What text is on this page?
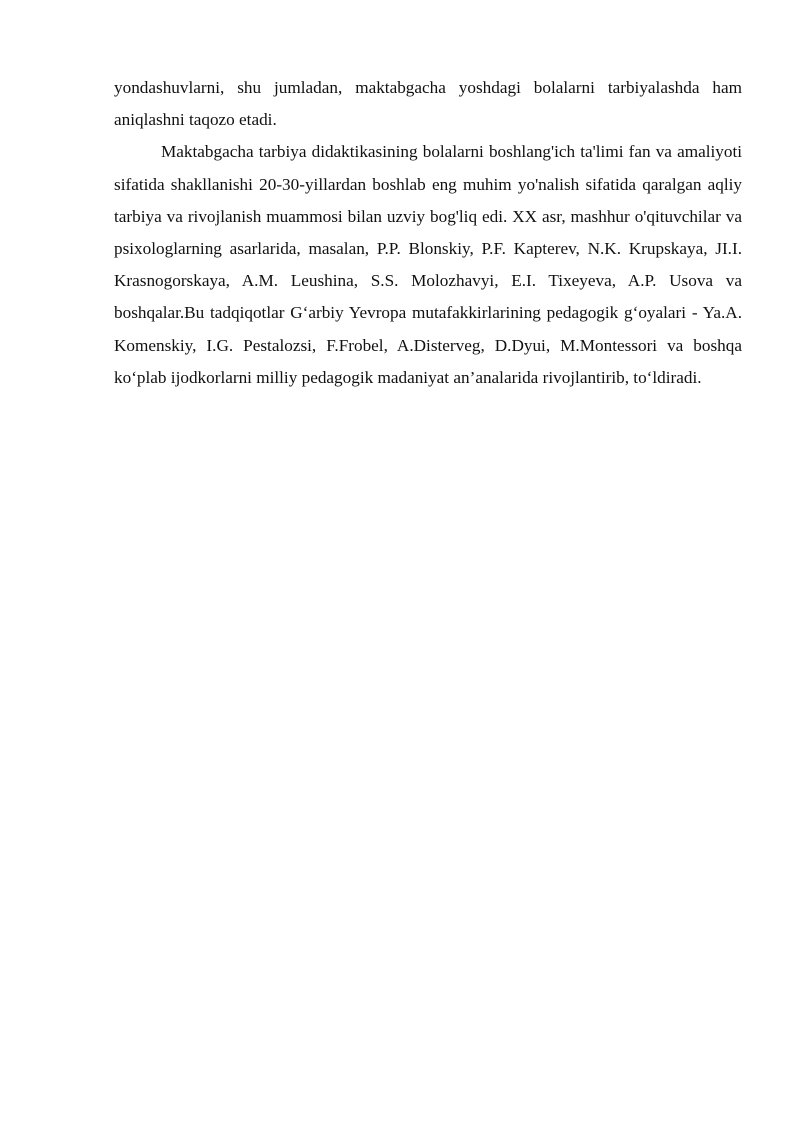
yondashuvlarni, shu jumladan, maktabgacha yoshdagi bolalarni tarbiyalashda ham aniqlashni taqozo etadi.

Maktabgacha tarbiya didaktikasining bolalarni boshlang'ich ta'limi fan va amaliyoti sifatida shakllanishi 20-30-yillardan boshlab eng muhim yo'nalish sifatida qaralgan aqliy tarbiya va rivojlanish muammosi bilan uzviy bog'liq edi. XX asr, mashhur o'qituvchilar va psixologlarning asarlarida, masalan, P.P. Blonskiy, P.F. Kapterev, N.K. Krupskaya, JI.I. Krasnogorskaya, A.M. Leushina, S.S. Molozhavyi, E.I. Tixeyeva, A.P. Usova va boshqalar.Bu tadqiqotlar G‘arbiy Yevropa mutafakkirlarining pedagogik g‘oyalari - Ya.A. Komenskiy, I.G. Pestalozsi, F.Frobel, A.Disterveg, D.Dyui, M.Montessori va boshqa ko‘plab ijodkorlarni milliy pedagogik madaniyat an’analarida rivojlantirib, to‘ldiradi.
